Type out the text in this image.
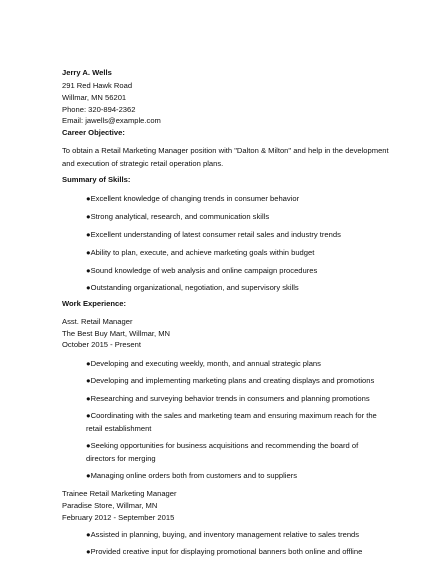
Jerry A. Wells
291 Red Hawk Road
Willmar, MN 56201
Phone: 320-894-2362
Email: jawells@example.com
Career Objective:
To obtain a Retail Marketing Manager position with "Dalton & Milton" and help in the development and execution of strategic retail operation plans.
Summary of Skills:
●Excellent knowledge of changing trends in consumer behavior
●Strong analytical, research, and communication skills
●Excellent understanding of latest consumer retail sales and industry trends
●Ability to plan, execute, and achieve marketing goals within budget
●Sound knowledge of web analysis and online campaign procedures
●Outstanding organizational, negotiation, and supervisory skills
Work Experience:
Asst. Retail Manager
The Best Buy Mart, Willmar, MN
October 2015 - Present
●Developing and executing weekly, month, and annual strategic plans
●Developing and implementing marketing plans and creating displays and promotions
●Researching and surveying behavior trends in consumers and planning promotions
●Coordinating with the sales and marketing team and ensuring maximum reach for the retail establishment
●Seeking opportunities for business acquisitions and recommending the board of directors for merging
●Managing online orders both from customers and to suppliers
Trainee Retail Marketing Manager
Paradise Store, Willmar, MN
February 2012 - September 2015
●Assisted in planning, buying, and inventory management relative to sales trends
●Provided creative input for displaying promotional banners both online and offline
